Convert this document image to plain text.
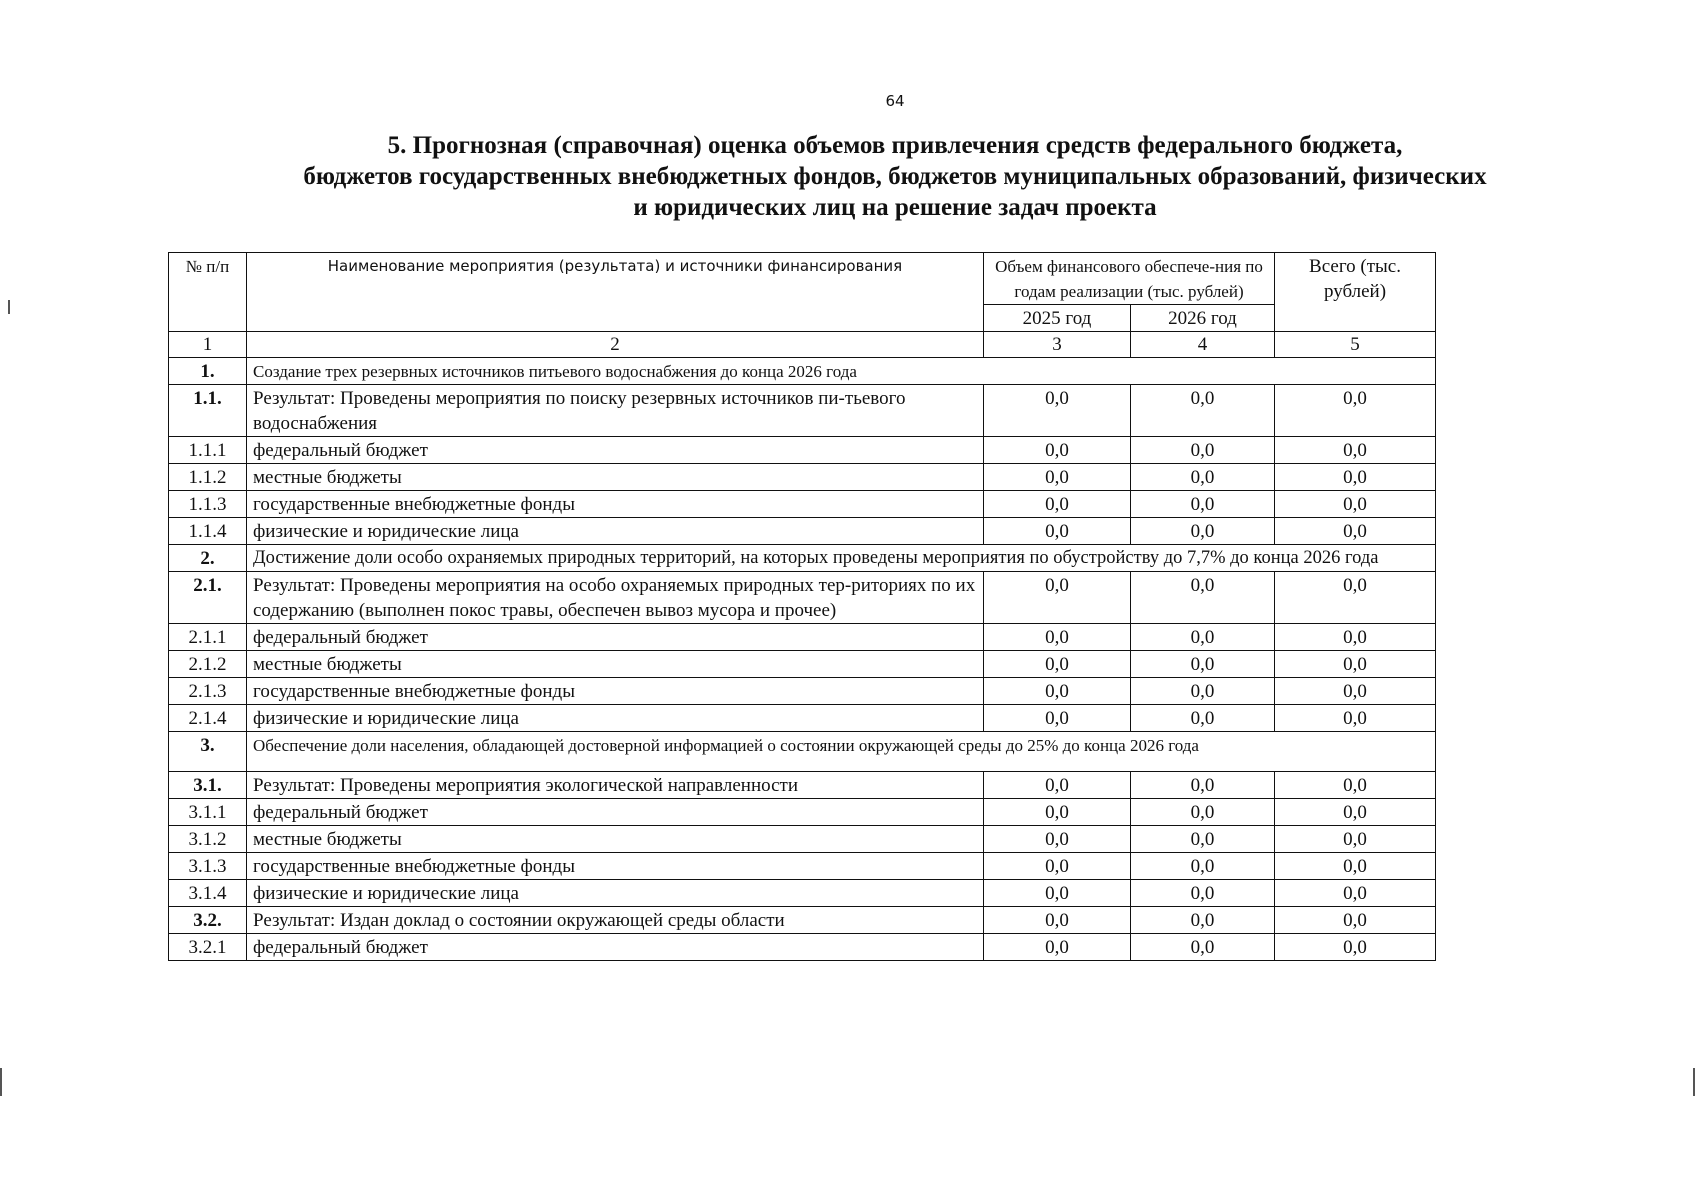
64
5. Прогнозная (справочная) оценка объемов привлечения средств федерального бюджета,
бюджетов государственных внебюджетных фондов, бюджетов муниципальных образований, физических
и юридических лиц на решение задач проекта
№ п/п	Наименование мероприятия (результата) и источники финансирования	Объем финансового обеспече-ния по годам реализации (тыс. рублей)		Всего (тыс. рублей)
		2025 год	2026 год	
1	2	3	4	5
1.	Создание трех резервных источников питьевого водоснабжения до конца 2026 года			
1.1.	Результат: Проведены мероприятия по поиску резервных источников пи-тьевого водоснабжения	0,0	0,0	0,0
1.1.1	федеральный бюджет	0,0	0,0	0,0
1.1.2	местные бюджеты	0,0	0,0	0,0
1.1.3	государственные внебюджетные фонды	0,0	0,0	0,0
1.1.4	физические и юридические лица	0,0	0,0	0,0
2.	Достижение доли особо охраняемых природных территорий, на которых проведены мероприятия по обустройству до 7,7% до конца 2026 года			
2.1.	Результат: Проведены мероприятия на особо охраняемых природных тер-риториях по их содержанию (выполнен покос травы, обеспечен вывоз мусора и прочее)	0,0	0,0	0,0
2.1.1	федеральный бюджет	0,0	0,0	0,0
2.1.2	местные бюджеты	0,0	0,0	0,0
2.1.3	государственные внебюджетные фонды	0,0	0,0	0,0
2.1.4	физические и юридические лица	0,0	0,0	0,0
3.	Обеспечение доли населения, обладающей достоверной информацией о состоянии окружающей среды до 25% до конца 2026 года			
3.1.	Результат: Проведены мероприятия экологической направленности	0,0	0,0	0,0
3.1.1	федеральный бюджет	0,0	0,0	0,0
3.1.2	местные бюджеты	0,0	0,0	0,0
3.1.3	государственные внебюджетные фонды	0,0	0,0	0,0
3.1.4	физические и юридические лица	0,0	0,0	0,0
3.2.	Результат: Издан доклад о состоянии окружающей среды области	0,0	0,0	0,0
3.2.1	федеральный бюджет	0,0	0,0	0,0
